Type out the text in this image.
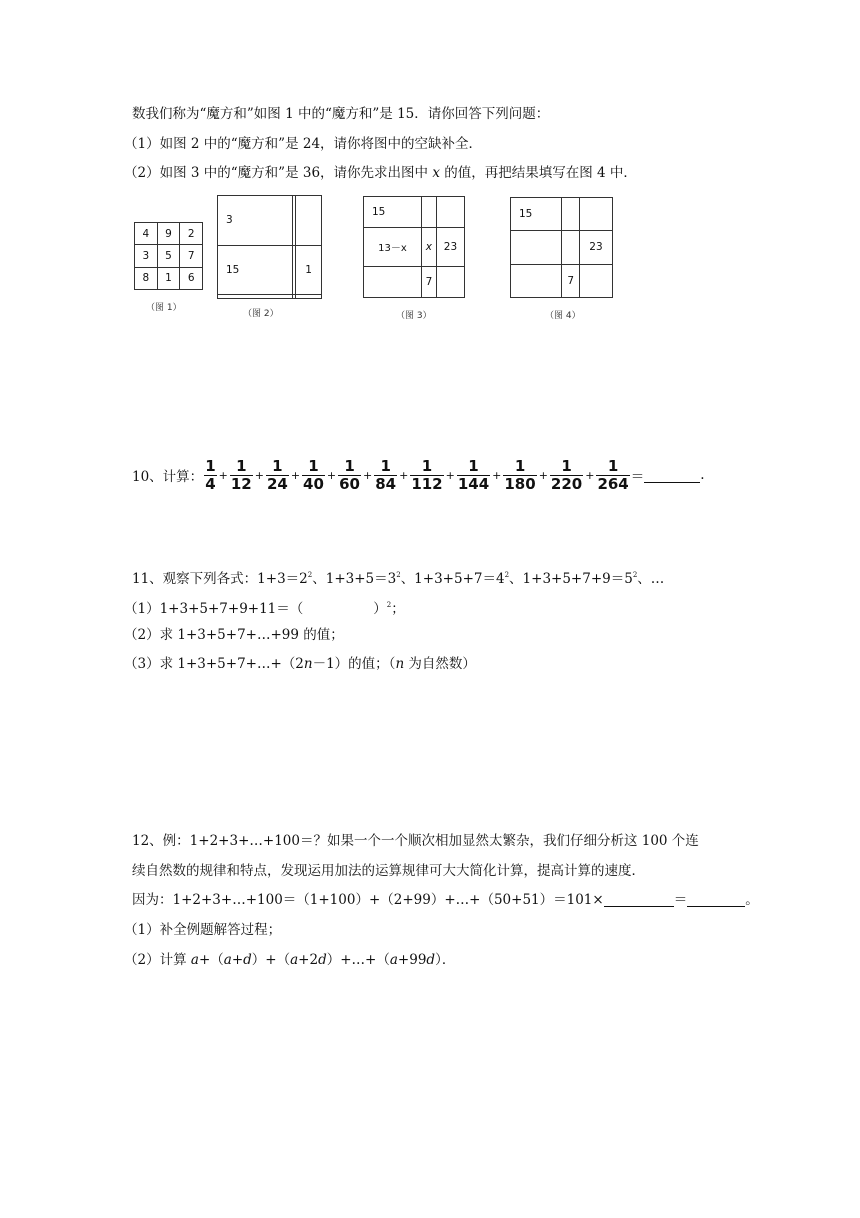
数我们称为“魔方和”如图 1 中的“魔方和”是 15．请你回答下列问题：
（1）如图 2 中的“魔方和”是 24，请你将图中的空缺补全．
（2）如图 3 中的“魔方和”是 36，请你先求出图中 x 的值，再把结果填写在图 4 中．
4	9	2
3	5	7
8	1	6
（图 1）
3		
15		1

（图 2）
15		
13－x	x	23
	7	
（图 3）
15		
		23
	7	
（图 4）
10、计算： $\frac{1}{4} + \frac{1}{12} + \frac{1}{24} + \frac{1}{40} + \frac{1}{60} + \frac{1}{84} + \frac{1}{112} + \frac{1}{144} + \frac{1}{180} + \frac{1}{220} + \frac{1}{264}$ ＝	.
11、观察下列各式：$1+3=2^2$、$1+3+5=3^2$、$1+3+5+7=4^2$、$1+3+5+7+9=5^2$、…
（1）1+3+5+7+9+11＝（	）$^2$；
（2）求 1+3+5+7+…+99 的值；
（3）求 1+3+5+7+…+（2n－1）的值；（n 为自然数）
12、例：1+2+3+…+100＝？如果一个一个顺次相加显然太繁杂，我们仔细分析这 100 个连
续自然数的规律和特点，发现运用加法的运算规律可大大简化计算，提高计算的速度．
因为：1+2+3+…+100＝（1+100）+（2+99）+…+（50+51）＝101×	＝	。
（1）补全例题解答过程；
（2）计算 a+（a+d）+（a+2d）+…+（a+99d）．
